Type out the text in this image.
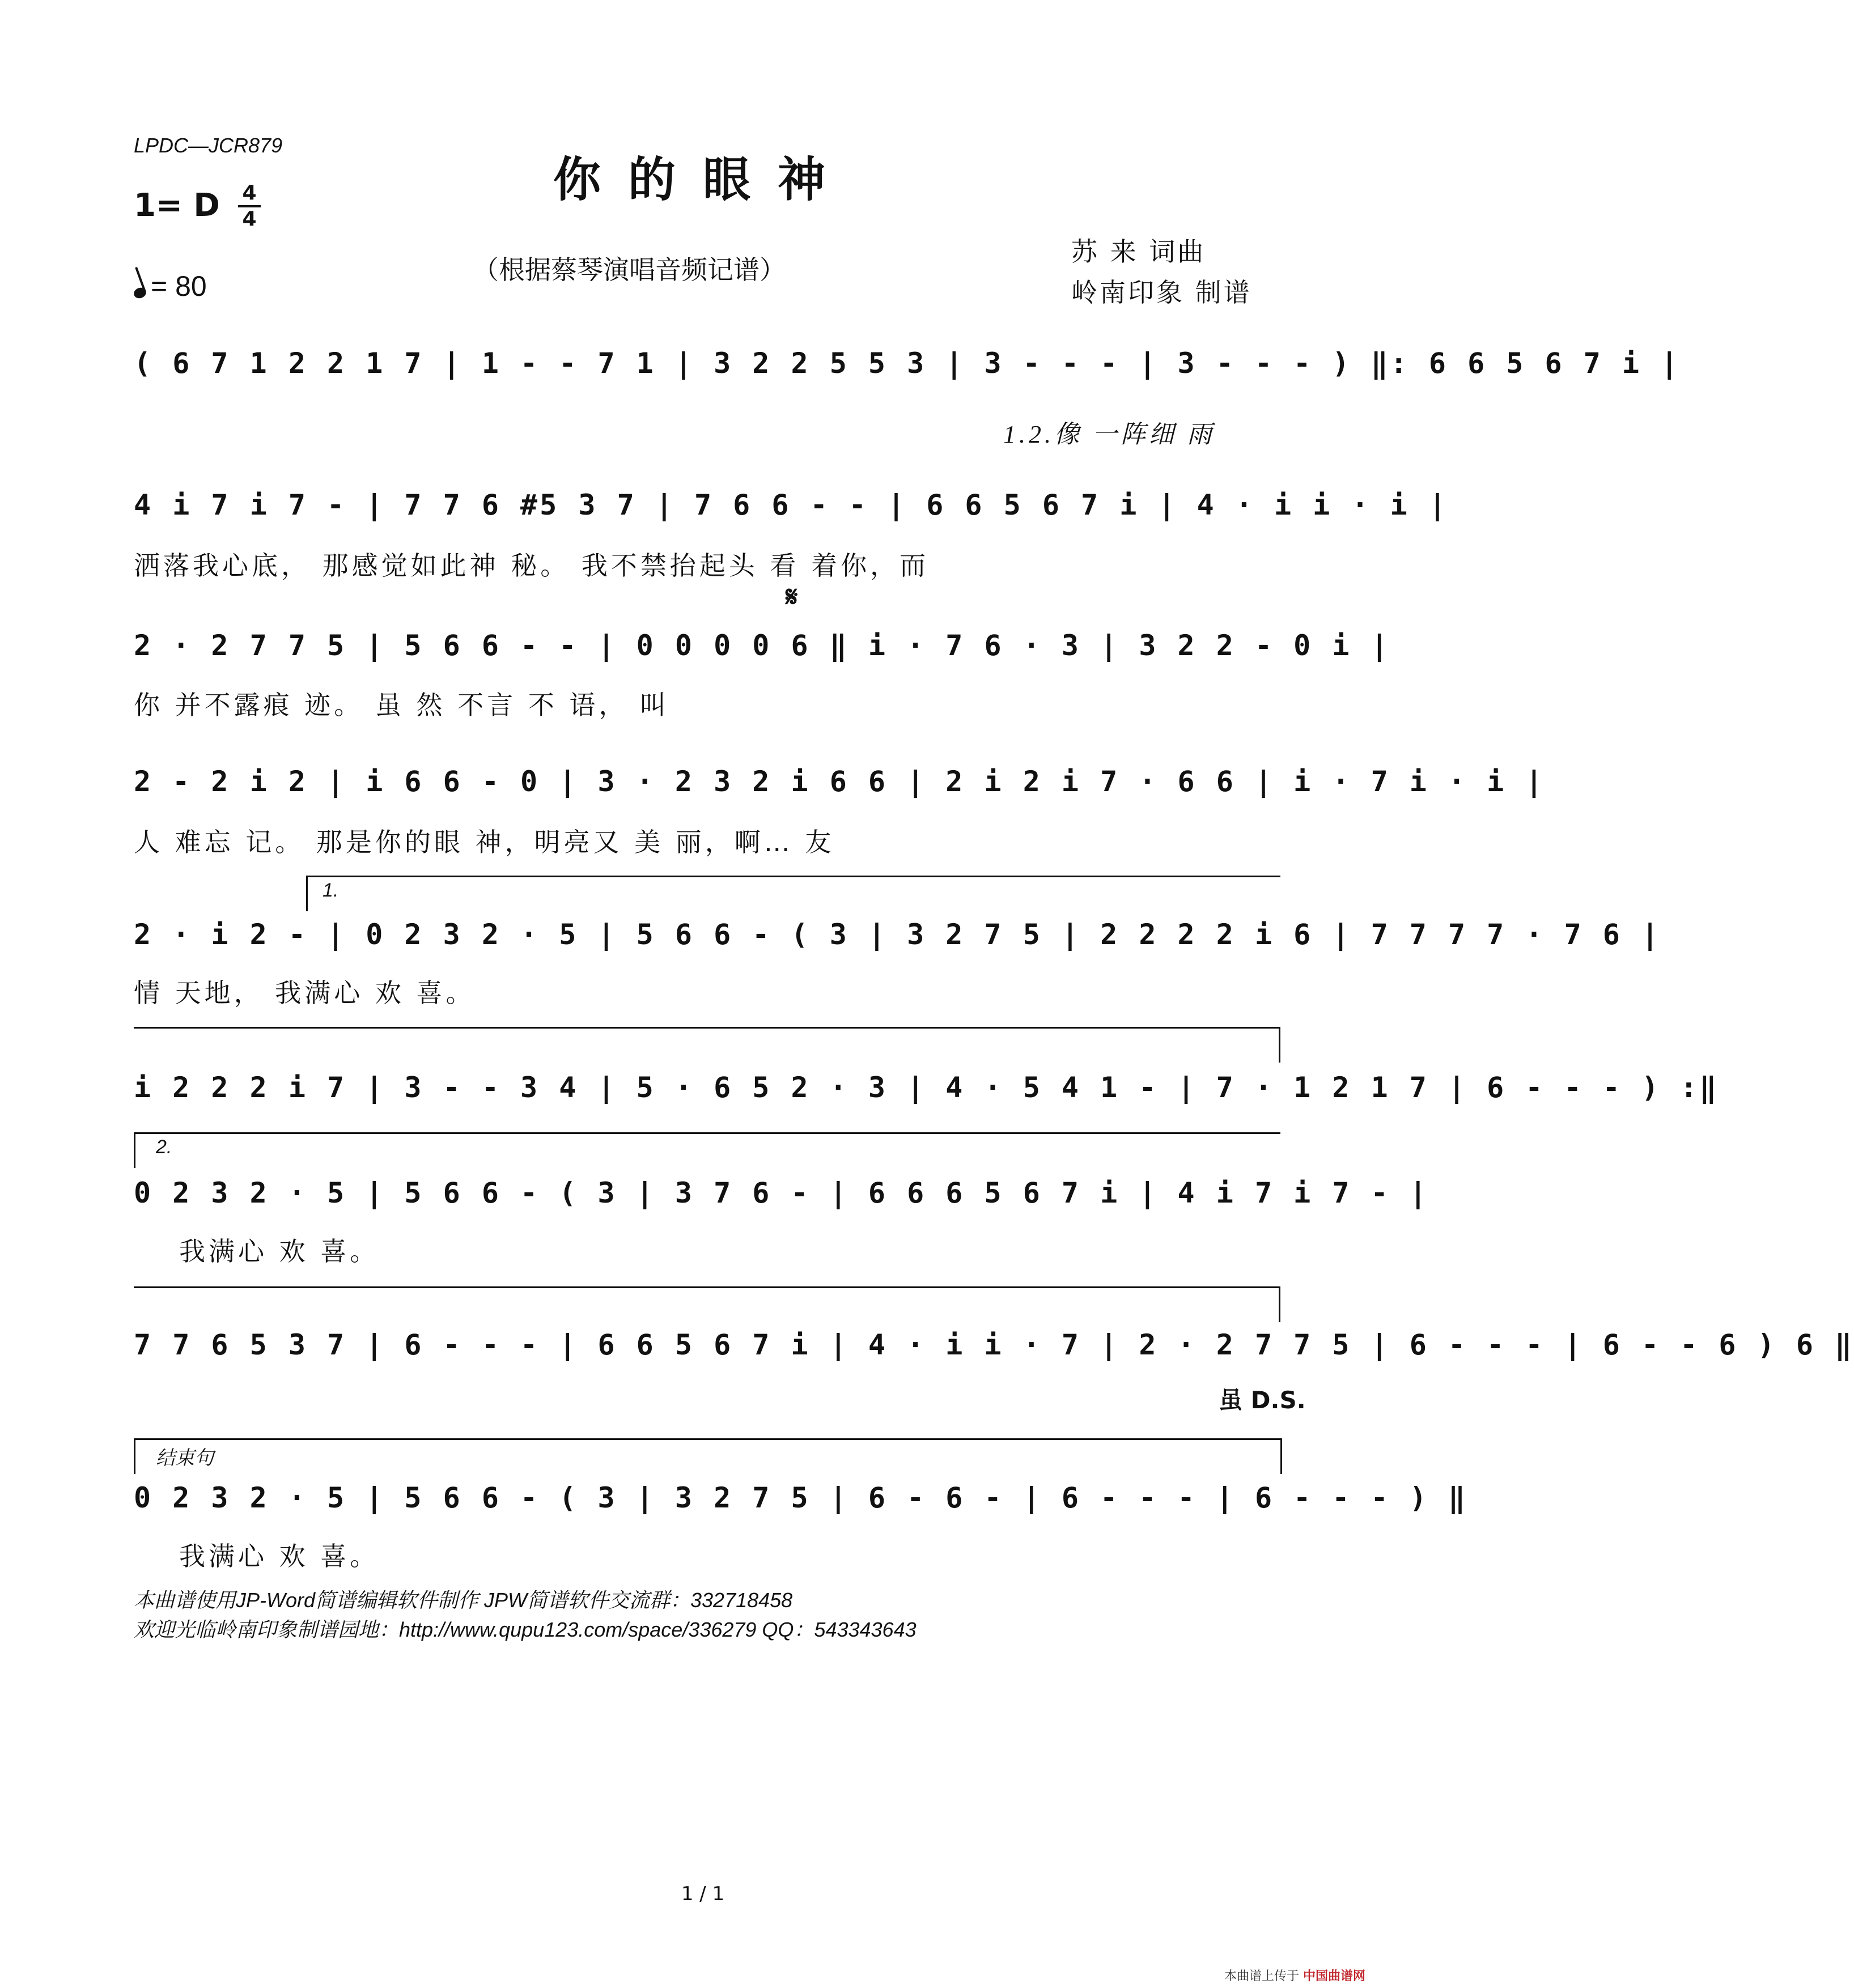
LPDC—JCR879
你的眼神
1= D 4
4
= 80
（根据蔡琴演唱音频记谱）
苏 来 词曲
岭南印象 制谱
( 6 7 1 2 2 1 7 | 1 - - 7 1 | 3 2 2 5 5 3 | 3 - - - | 3 - - - ) ‖: 6 6 5 6 7 i |
1.2.像 一阵细 雨
4 i 7 i 7 - | 7 7 6 #5 3 7 | 7 6 6 - - | 6 6 5 6 7 i | 4 · i i · i |
洒落我心底， 那感觉如此神 秘。 我不禁抬起头 看 着你，而
𝄋
2 · 2 7 7 5 | 5 6 6 - - | 0 0 0 0 6 ‖ i · 7 6 · 3 | 3 2 2 - 0 i |
你 并不露痕 迹。 虽 然 不言 不 语， 叫
2 - 2 i 2 | i 6 6 - 0 | 3 · 2 3 2 i 6 6 | 2 i 2 i 7 · 6 6 | i · 7 i · i |
人 难忘 记。 那是你的眼 神，明亮又 美 丽，啊… 友
1.
2 · i 2 - | 0 2 3 2 · 5 | 5 6 6 - ( 3 | 3 2 7 5 | 2 2 2 2 i 6 | 7 7 7 7 · 7 6 |
情 天地， 我满心 欢 喜。
i 2 2 2 i 7 | 3 - - 3 4 | 5 · 6 5 2 · 3 | 4 · 5 4 1 - | 7 · 1 2 1 7 | 6 - - - ) :‖
2.
0 2 3 2 · 5 | 5 6 6 - ( 3 | 3 7 6 - | 6 6 6 5 6 7 i | 4 i 7 i 7 - |
我满心 欢 喜。
7 7 6 5 3 7 | 6 - - - | 6 6 5 6 7 i | 4 · i i · 7 | 2 · 2 7 7 5 | 6 - - - | 6 - - 6 ) 6 ‖
虽 D.S.
结束句
0 2 3 2 · 5 | 5 6 6 - ( 3 | 3 2 7 5 | 6 - 6 - | 6 - - - | 6 - - - ) ‖
我满心 欢 喜。
本曲谱使用JP-Word简谱编辑软件制作 JPW简谱软件交流群：332718458
欢迎光临岭南印象制谱园地：http://www.qupu123.com/space/336279 QQ：543343643
1 / 1
本曲谱上传于 中国曲谱网
